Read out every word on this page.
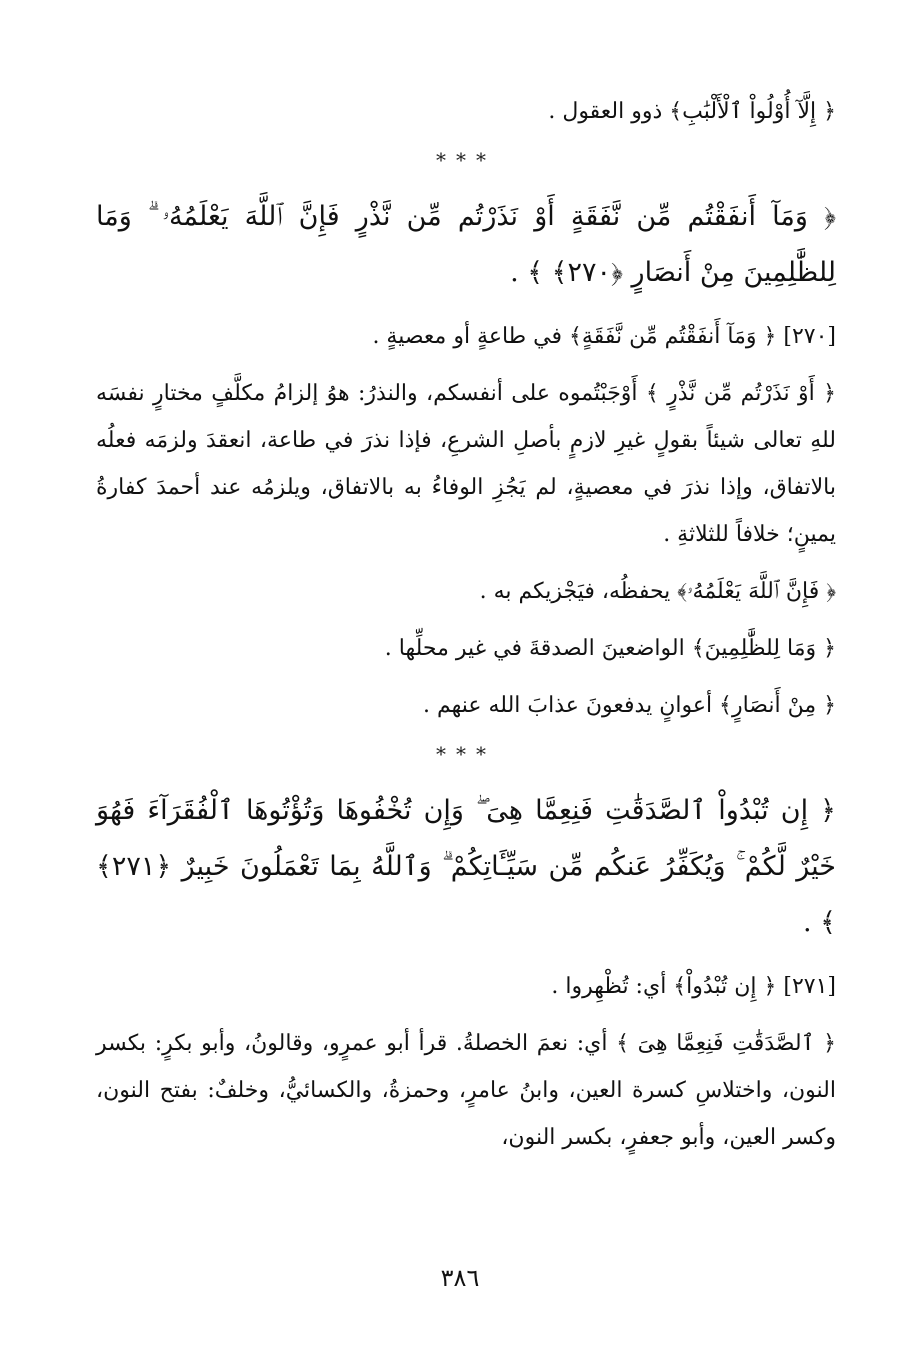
﴿ إِلَّآ أُوْلُواْ ٱلْأَلْبَٰبِ﴾ ذوو العقول .
***
﴿ وَمَآ أَنفَقْتُم مِّن نَّفَقَةٍ أَوْ نَذَرْتُم مِّن نَّذْرٍ فَإِنَّ ٱللَّهَ يَعْلَمُهُۥ ۗ وَمَا لِلظَّٰلِمِينَ مِنْ أَنصَارٍ ﴿٢٧٠﴾ ﴾ .
[٢٧٠] ﴿ وَمَآ أَنفَقْتُم مِّن نَّفَقَةٍ﴾ في طاعةٍ أو معصيةٍ .
﴿ أَوْ نَذَرْتُم مِّن نَّذْرٍ ﴾ أَوْجَبْتُموه على أنفسكم، والنذرُ: هوُ إلزامُ مكلَّفٍ مختارٍ نفسَه للهِ تعالى شيئاً بقولٍ غيرِ لازمٍ بأصلِ الشرعِ، فإذا نذرَ في طاعة، انعقدَ ولزمَه فعلُه بالاتفاق، وإذا نذرَ في معصيةٍ، لم يَجُزِ الوفاءُ به بالاتفاق، ويلزمُه عند أحمدَ كفارةُ يمينٍ؛ خلافاً للثلاثةِ .
﴿ فَإِنَّ ٱللَّهَ يَعْلَمُهُۥ﴾ يحفظُه، فيَجْزيكم به .
﴿ وَمَا لِلظَّٰلِمِينَ﴾ الواضعينَ الصدقةَ في غير محلِّها .
﴿ مِنْ أَنصَارٍ﴾ أعوانٍ يدفعونَ عذابَ الله عنهم .
***
﴿ إِن تُبْدُواْ ٱلصَّدَقَٰتِ فَنِعِمَّا هِىَ ۖ وَإِن تُخْفُوهَا وَتُؤْتُوهَا ٱلْفُقَرَآءَ فَهُوَ خَيْرٌ لَّكُمْ ۚ وَيُكَفِّرُ عَنكُم مِّن سَيِّـَٔاتِكُمْ ۗ وَٱللَّهُ بِمَا تَعْمَلُونَ خَبِيرٌ ﴿٢٧١﴾ ﴾ .
[٢٧١] ﴿ إِن تُبْدُواْ﴾ أي: تُظْهِروا .
﴿ ٱلصَّدَقَٰتِ فَنِعِمَّا هِىَ ﴾ أي: نعمَ الخصلةُ. قرأ أبو عمرٍو، وقالونُ، وأبو بكرٍ: بكسر النون، واختلاسِ كسرة العين، وابنُ عامرٍ، وحمزةُ، والكسائيُّ، وخلفٌ: بفتح النون، وكسر العين، وأبو جعفرٍ، بكسر النون،
٣٨٦
